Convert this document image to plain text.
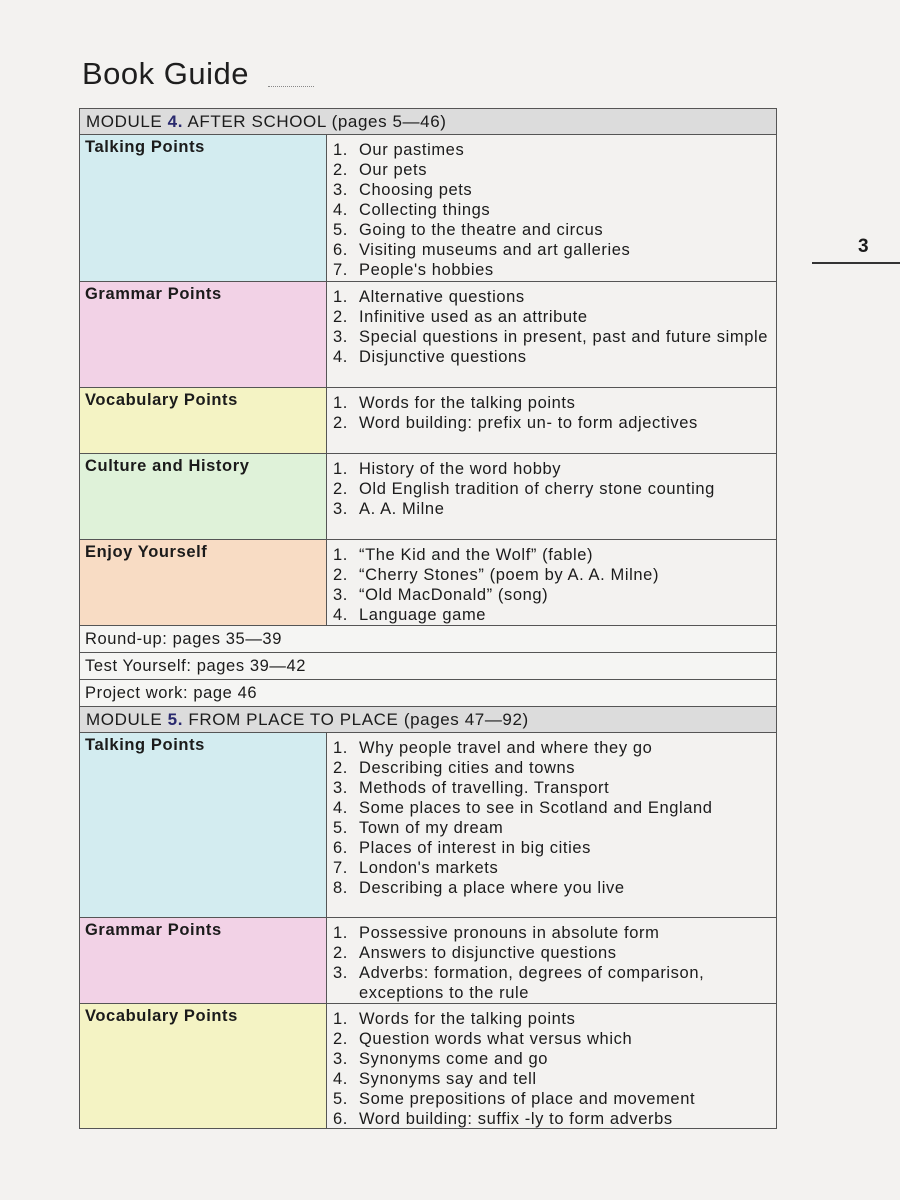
Book Guide
3
MODULE 4. AFTER SCHOOL (pages 5—46)
Talking Points	1. Our pastimes
2. Our pets
3. Choosing pets
4. Collecting things
5. Going to the theatre and circus
6. Visiting museums and art galleries
7. People's hobbies
Grammar Points	1. Alternative questions
2. Infinitive used as an attribute
3. Special questions in present, past and future simple
4. Disjunctive questions
Vocabulary Points	1. Words for the talking points
2. Word building: prefix un- to form adjectives
Culture and History	1. History of the word hobby
2. Old English tradition of cherry stone counting
3. A. A. Milne
Enjoy Yourself	1. “The Kid and the Wolf” (fable)
2. “Cherry Stones” (poem by A. A. Milne)
3. “Old MacDonald” (song)
4. Language game
Round-up: pages 35—39
Test Yourself: pages 39—42
Project work: page 46
MODULE 5. FROM PLACE TO PLACE (pages 47—92)
Talking Points	1. Why people travel and where they go
2. Describing cities and towns
3. Methods of travelling. Transport
4. Some places to see in Scotland and England
5. Town of my dream
6. Places of interest in big cities
7. London's markets
8. Describing a place where you live
Grammar Points	1. Possessive pronouns in absolute form
2. Answers to disjunctive questions
3. Adverbs: formation, degrees of comparison, exceptions to the rule
Vocabulary Points	1. Words for the talking points
2. Question words what versus which
3. Synonyms come and go
4. Synonyms say and tell
5. Some prepositions of place and movement
6. Word building: suffix -ly to form adverbs
